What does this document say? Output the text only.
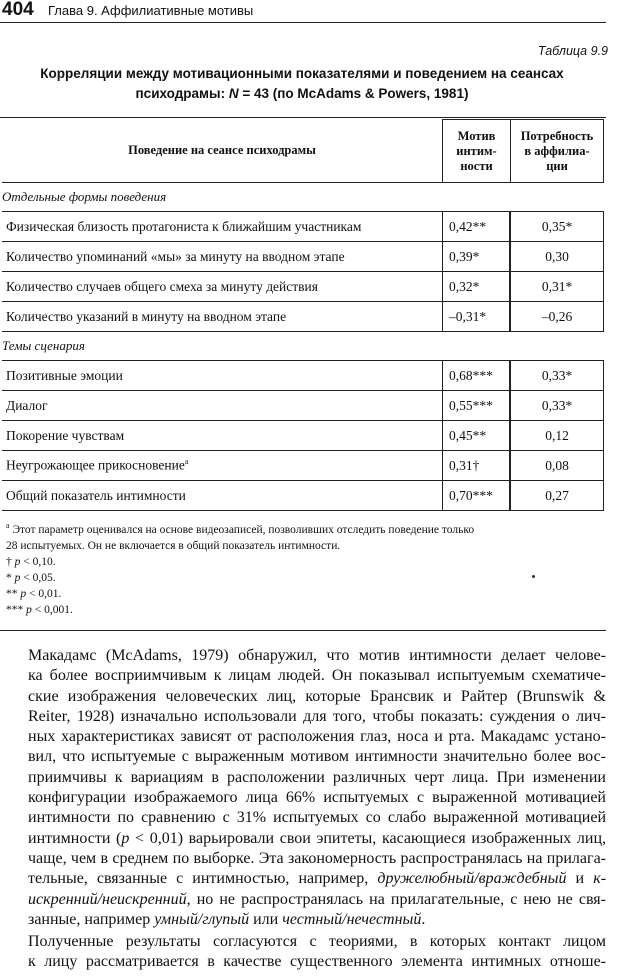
404 Глава 9. Аффилиативные мотивы
Таблица 9.9
Корреляции между мотивационными показателями и поведением на сеансах
психодрамы: N = 43 (по McAdams & Powers, 1981)
Поведение на сеансе психодрамы	Мотив
интим-
ности	Потребность
в аффилиа-
ции
Отдельные формы поведения		
Физическая близость протагониста к ближайшим участникам	0,42**	0,35*
Количество упоминаний «мы» за минуту на вводном этапе	0,39*	0,30
Количество случаев общего смеха за минуту действия	0,32*	0,31*
Количество указаний в минуту на вводном этапе	–0,31*	–0,26
Темы сценария		
Позитивные эмоции	0,68***	0,33*
Диалог	0,55***	0,33*
Покорение чувствам	0,45**	0,12
Неугрожающее прикосновение$^a$	0,31†	0,08
Общий показатель интимности	0,70***	0,27
$^a$ Этот параметр оценивался на основе видеозаписей, позволивших отследить поведение только
28 испытуемых. Он не включается в общий показатель интимности.
† p < 0,10.
* p < 0,05.
** p < 0,01.
*** p < 0,001.

Макадамс (McAdams, 1979) обнаружил, что мотив интимности делает челове-
ка более восприимчивым к лицам людей. Он показывал испытуемым схематиче-
ские изображения человеческих лиц, которые Брансвик и Райтер (Brunswik &
Reiter, 1928) изначально использовали для того, чтобы показать: суждения о лич-
ных характеристиках зависят от расположения глаз, носа и рта. Макадамс устано-
вил, что испытуемые с выраженным мотивом интимности значительно более вос-
приимчивы к вариациям в расположении различных черт лица. При изменении
конфигурации изображаемого лица 66% испытуемых с выраженной мотивацией
интимности по сравнению с 31% испытуемых со слабо выраженной мотивацией
интимности (p < 0,01) варьировали свои эпитеты, касающиеся изображенных лиц,
чаще, чем в среднем по выборке. Эта закономерность распространялась на прилага-
тельные, связанные с интимностью, например, дружелюбный/враждебный и к-
искренний/неискренний, но не распространялась на прилагательные, с нею не свя-
занные, например умный/глупый или честный/нечестный.

Полученные результаты согласуются с теориями, в которых контакт лицом
к лицу рассматривается в качестве существенного элемента интимных отноше-
